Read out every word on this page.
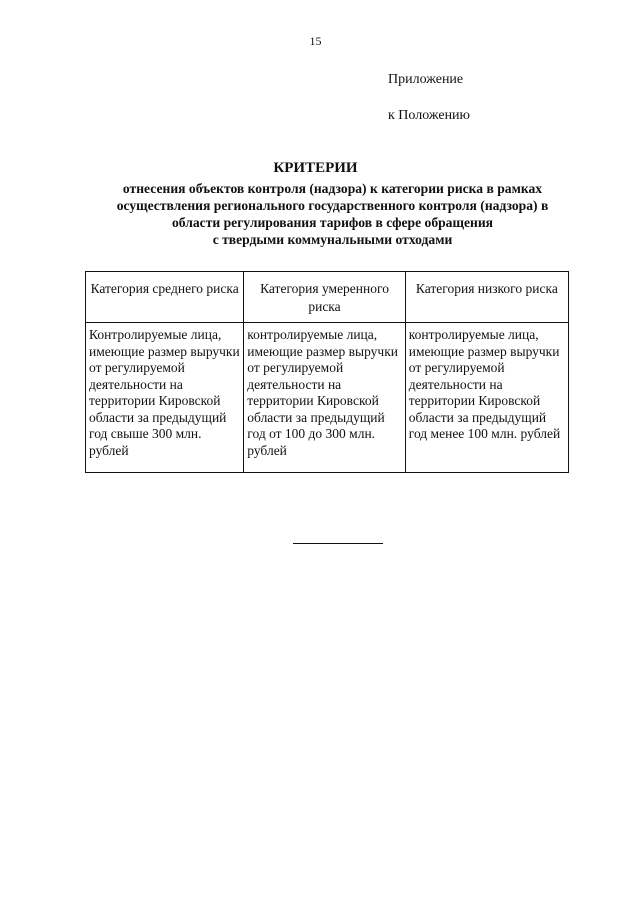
15
Приложение
к Положению
КРИТЕРИИ
отнесения объектов контроля (надзора) к категории риска в рамках
осуществления регионального государственного контроля (надзора) в
области регулирования тарифов в сфере обращения
с твердыми коммунальными отходами
Категория среднего риска	Категория умеренного риска	Категория низкого риска
Контролируемые лица, имеющие размер выручки от регулируемой деятельности на территории Кировской области за предыдущий год свыше 300 млн. рублей	контролируемые лица, имеющие размер выручки от регулируемой деятельности на территории Кировской области за предыдущий год от 100 до 300 млн. рублей	контролируемые лица, имеющие размер выручки от регулируемой деятельности на территории Кировской области за предыдущий год менее 100 млн. рублей
